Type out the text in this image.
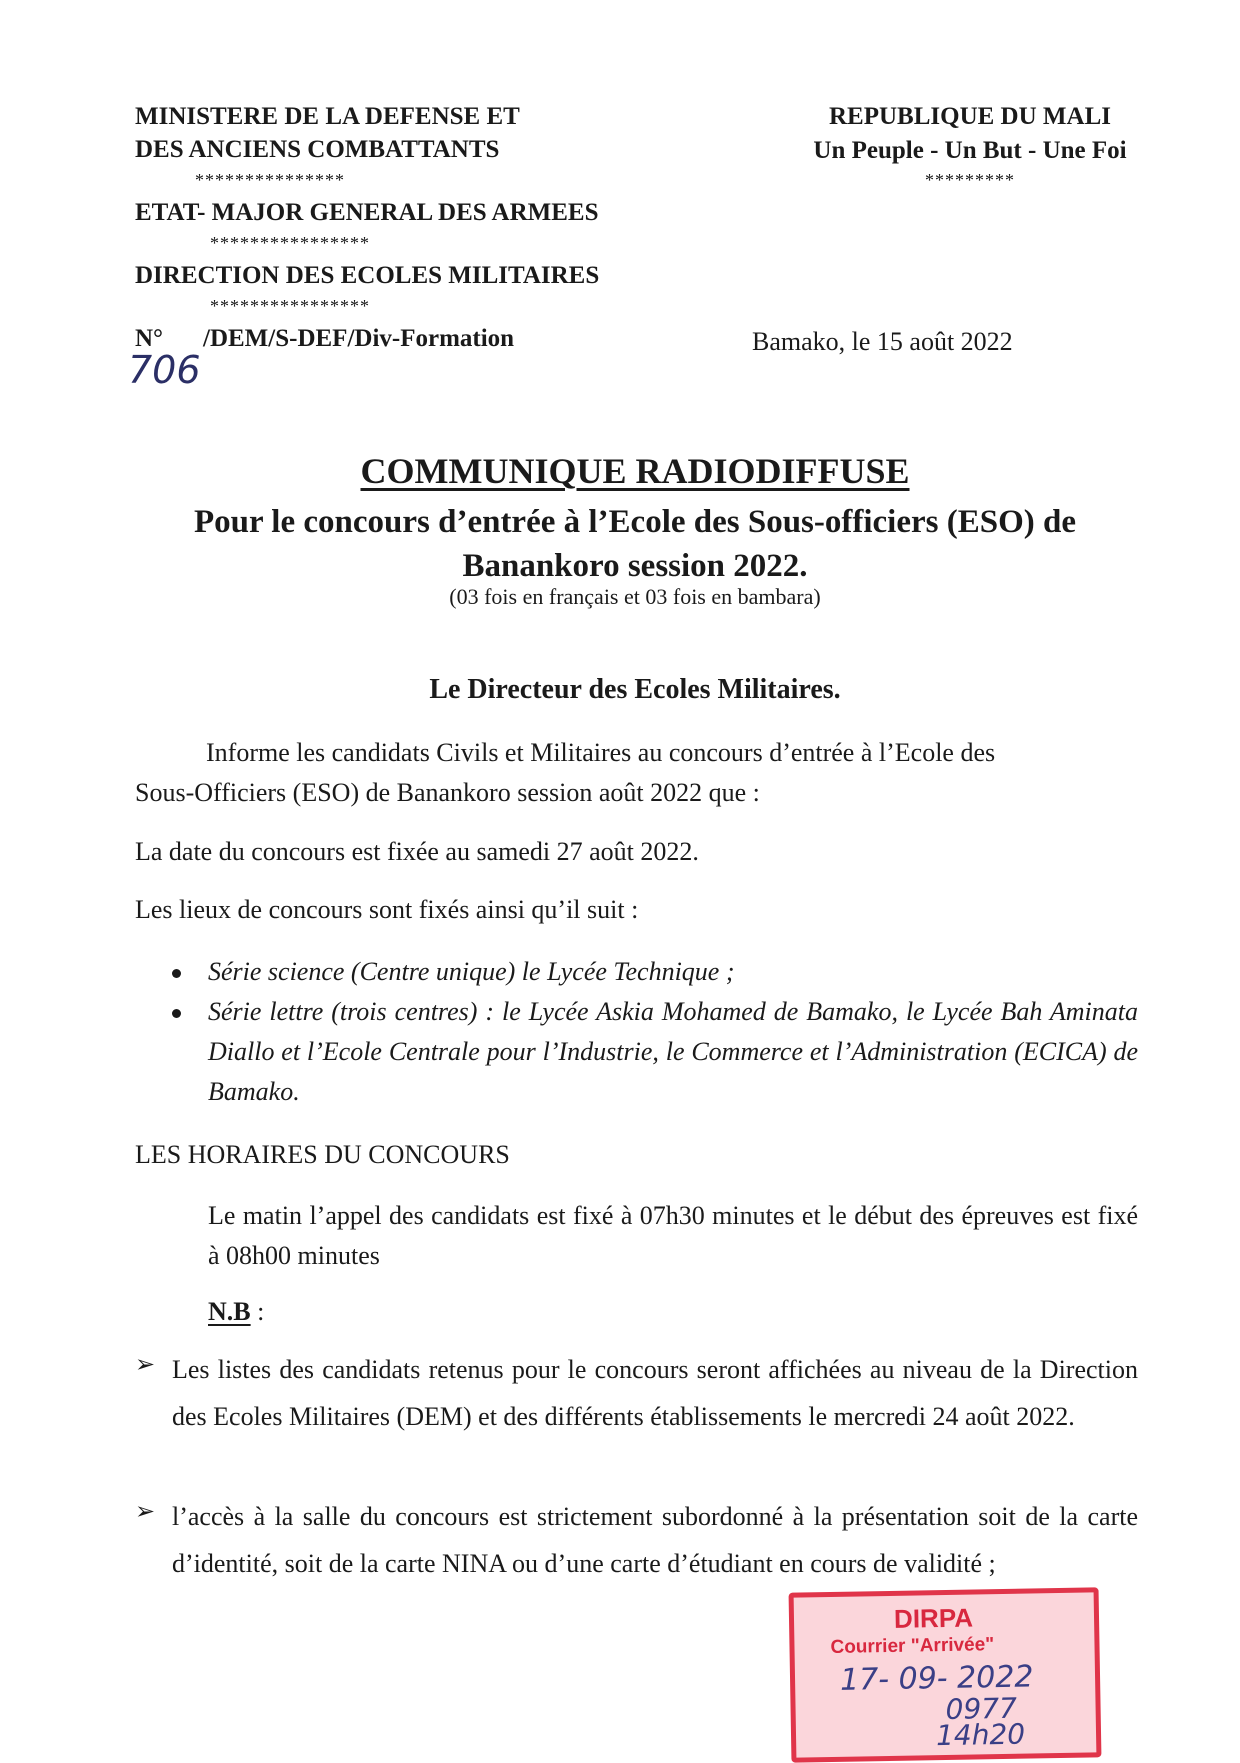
MINISTERE DE LA DEFENSE ET
DES ANCIENS COMBATTANTS
***************
ETAT- MAJOR GENERAL DES ARMEES
****************
DIRECTION DES ECOLES MILITAIRES
****************
N° /DEM/S-DEF/Div-Formation
706
REPUBLIQUE DU MALI
Un Peuple - Un But - Une Foi
*********
Bamako, le 15 août 2022
COMMUNIQUE RADIODIFFUSE
Pour le concours d’entrée à l’Ecole des Sous-officiers (ESO) de
Banankoro session 2022.
(03 fois en français et 03 fois en bambara)
Le Directeur des Ecoles Militaires.
Informe les candidats Civils et Militaires au concours d’entrée à l’Ecole des
Sous-Officiers (ESO) de Banankoro session août 2022 que :
La date du concours est fixée au samedi 27 août 2022.
Les lieux de concours sont fixés ainsi qu’il suit :
Série science (Centre unique) le Lycée Technique ;
Série lettre (trois centres) : le Lycée Askia Mohamed de Bamako, le Lycée Bah Aminata Diallo et l’Ecole Centrale pour l’Industrie, le Commerce et l’Administration (ECICA) de Bamako.
LES HORAIRES DU CONCOURS
Le matin l’appel des candidats est fixé à 07h30 minutes et le début des épreuves est fixé à 08h00 minutes
N.B :
➢ Les listes des candidats retenus pour le concours seront affichées au niveau de la Direction des Ecoles Militaires (DEM) et des différents établissements le mercredi 24 août 2022.
➢ l’accès à la salle du concours est strictement subordonné à la présentation soit de la carte d’identité, soit de la carte NINA ou d’une carte d’étudiant en cours de validité ;
DIRPA
Courrier "Arrivée"
17- 09- 2022
0977
14h20
